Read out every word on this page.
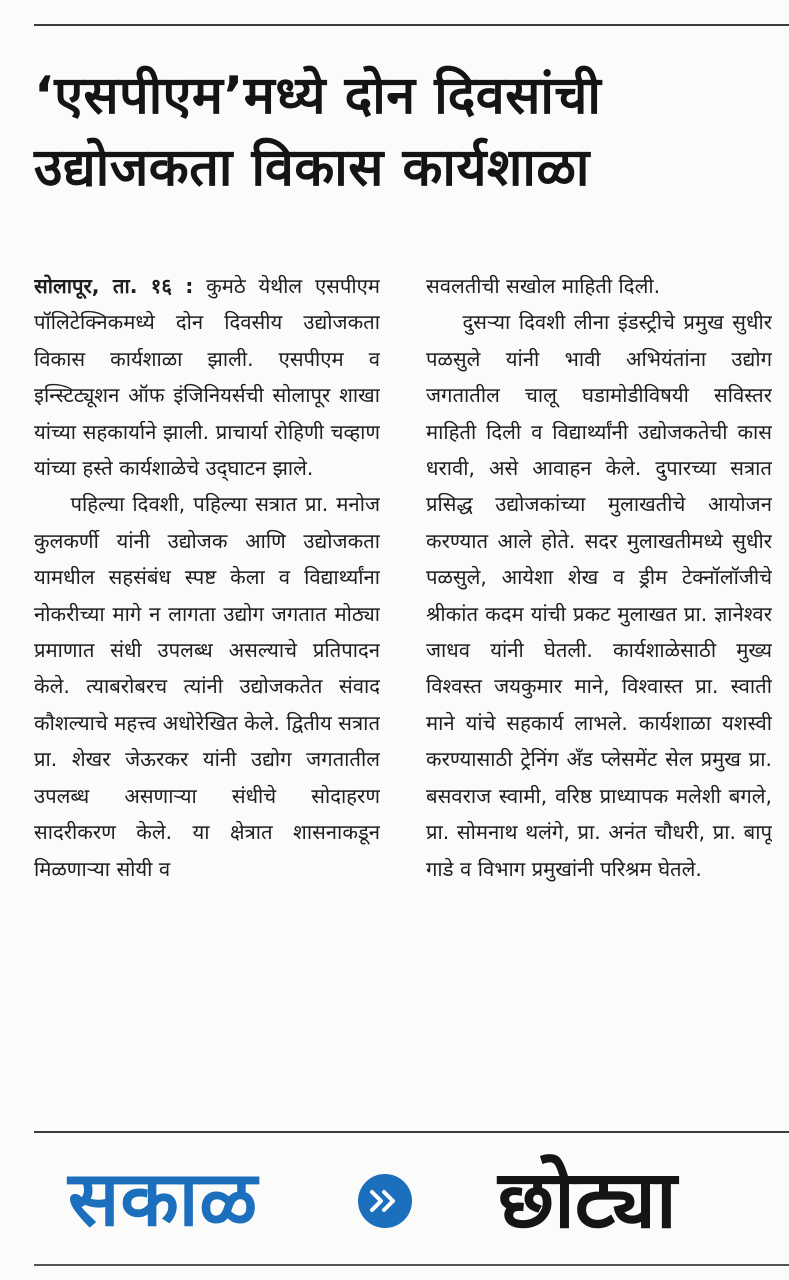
‘एसपीएम’मध्ये दोन दिवसांची
उद्योजकता विकास कार्यशाळा

सोलापूर, ता. १६ : कुमठे येथील एसपीएम पॉलिटेक्निकमध्ये दोन दिवसीय उद्योजकता विकास कार्यशाळा झाली. एसपीएम व इन्स्टिट्यूशन ऑफ इंजिनियर्सची सोलापूर शाखा यांच्या सहकार्याने झाली. प्राचार्या रोहिणी चव्हाण यांच्या हस्ते कार्यशाळेचे उद्‌घाटन झाले.

पहिल्या दिवशी, पहिल्या सत्रात प्रा. मनोज कुलकर्णी यांनी उद्योजक आणि उद्योजकता यामधील सहसंबंध स्पष्ट केला व विद्यार्थ्यांना नोकरीच्या मागे न लागता उद्योग जगतात मोठ्या प्रमाणात संधी उपलब्ध असल्याचे प्रतिपादन केले. त्याबरोबरच त्यांनी उद्योजकतेत संवाद कौशल्याचे महत्त्व अधोरेखित केले. द्वितीय सत्रात प्रा. शेखर जेऊरकर यांनी उद्योग जगतातील उपलब्ध असणाऱ्या संधीचे सोदाहरण सादरीकरण केले. या क्षेत्रात शासनाकडून मिळणाऱ्या सोयी व

सवलतीची सखोल माहिती दिली.

दुसऱ्या दिवशी लीना इंडस्ट्रीचे प्रमुख सुधीर पळसुले यांनी भावी अभियंतांना उद्योग जगतातील चालू घडामोडीविषयी सविस्तर माहिती दिली व विद्यार्थ्यांनी उद्योजकतेची कास धरावी, असे आवाहन केले. दुपारच्या सत्रात प्रसिद्ध उद्योजकांच्या मुलाखतीचे आयोजन करण्यात आले होते. सदर मुलाखतीमध्ये सुधीर पळसुले, आयेशा शेख व ड्रीम टेक्नॉलॉजीचे श्रीकांत कदम यांची प्रकट मुलाखत प्रा. ज्ञानेश्वर जाधव यांनी घेतली. कार्यशाळेसाठी मुख्य विश्वस्त जयकुमार माने, विश्वास्त प्रा. स्वाती माने यांचे सहकार्य लाभले. कार्यशाळा यशस्वी करण्यासाठी ट्रेनिंग अँड प्लेसमेंट सेल प्रमुख प्रा. बसवराज स्वामी, वरिष्ठ प्राध्यापक मलेशी बगले, प्रा. सोमनाथ थलंगे, प्रा. अनंत चौधरी, प्रा. बापू गाडे व विभाग प्रमुखांनी परिश्रम घेतले.

सकाळ	छोट्या
